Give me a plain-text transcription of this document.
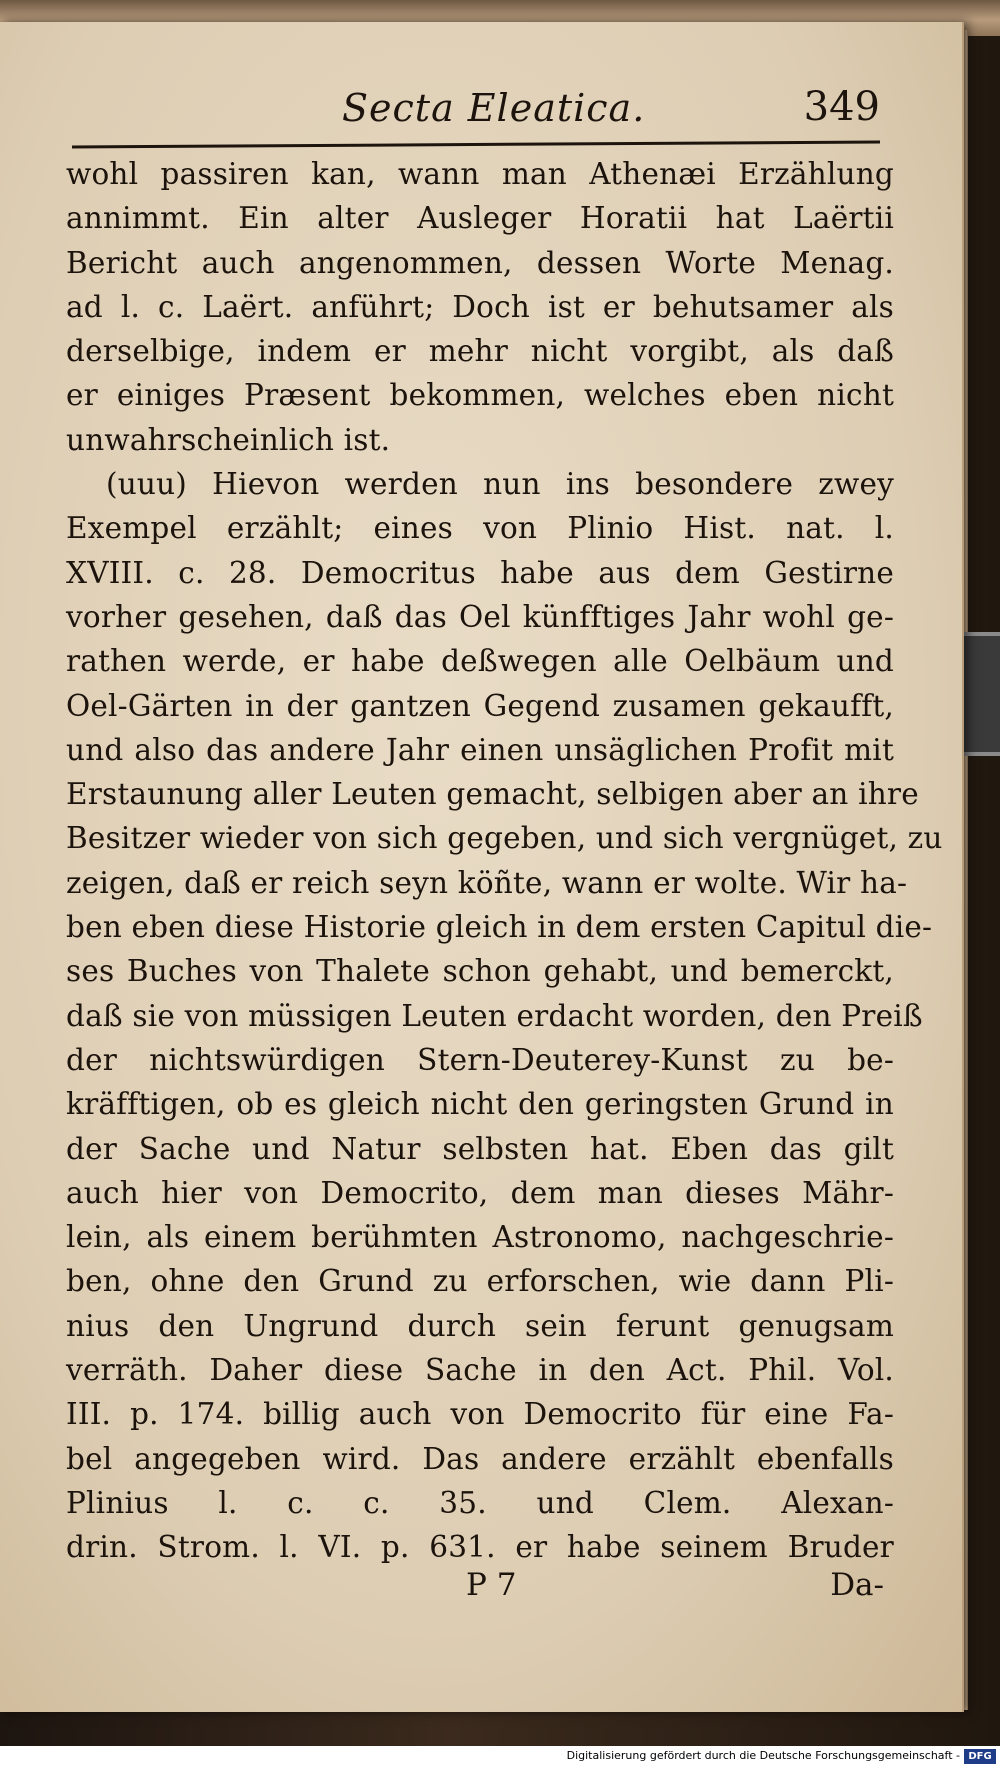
Secta Eleatica.	349
wohl passiren kan, wann man Athenæi Erzählung
annimmt. Ein alter Ausleger Horatii hat Laërtii
Bericht auch angenommen, dessen Worte Menag.
ad l. c. Laërt. anführt; Doch ist er behutsamer als
derselbige, indem er mehr nicht vorgibt, als daß
er einiges Præsent bekommen, welches eben nicht
unwahrscheinlich ist.
(uuu) Hievon werden nun ins besondere zwey
Exempel erzählt; eines von Plinio Hist. nat. l.
XVIII. c. 28. Democritus habe aus dem Gestirne
vorher gesehen, daß das Oel künfftiges Jahr wohl ge-
rathen werde, er habe deßwegen alle Oelbäum und
Oel-Gärten in der gantzen Gegend zusamen gekaufft,
und also das andere Jahr einen unsäglichen Profit mit
Erstaunung aller Leuten gemacht, selbigen aber an ihre
Besitzer wieder von sich gegeben, und sich vergnüget, zu
zeigen, daß er reich seyn köñte, wann er wolte. Wir ha-
ben eben diese Historie gleich in dem ersten Capitul die-
ses Buches von Thalete schon gehabt, und bemerckt,
daß sie von müssigen Leuten erdacht worden, den Preiß
der nichtswürdigen Stern-Deuterey-Kunst zu be-
kräfftigen, ob es gleich nicht den geringsten Grund in
der Sache und Natur selbsten hat. Eben das gilt
auch hier von Democrito, dem man dieses Mähr-
lein, als einem berühmten Astronomo, nachgeschrie-
ben, ohne den Grund zu erforschen, wie dann Pli-
nius den Ungrund durch sein ferunt genugsam
verräth. Daher diese Sache in den Act. Phil. Vol.
III. p. 174. billig auch von Democrito für eine Fa-
bel angegeben wird. Das andere erzählt ebenfalls
Plinius l. c. c. 35. und Clem. Alexan-
drin. Strom. l. VI. p. 631. er habe seinem Bruder
P 7	Da-
Digitalisierung gefördert durch die Deutsche Forschungsgemeinschaft - DFG
